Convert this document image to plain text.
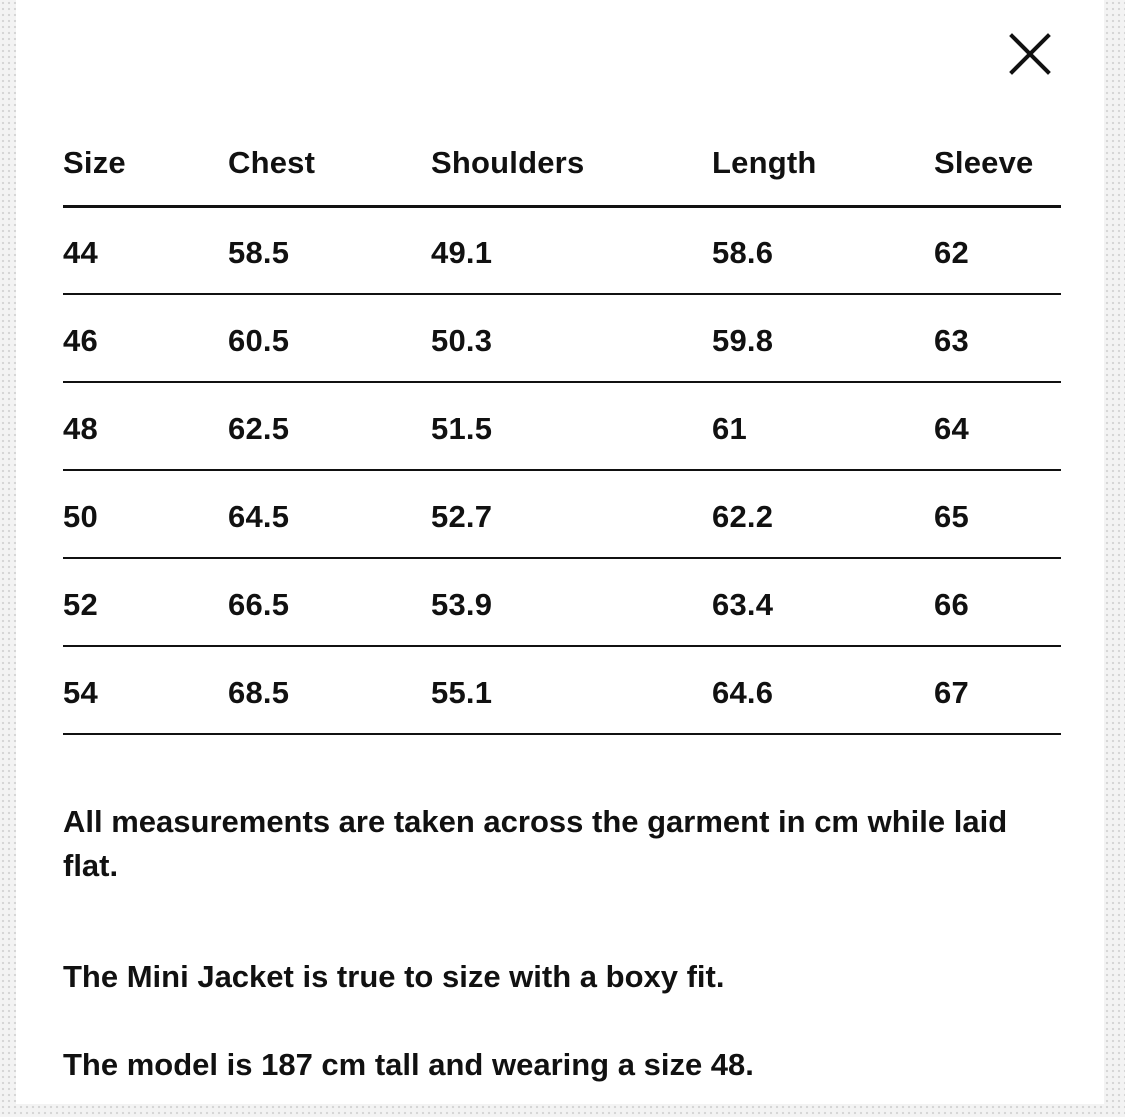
Size	Chest	Shoulders	Length	Sleeve
44	58.5	49.1	58.6	62
46	60.5	50.3	59.8	63
48	62.5	51.5	61	64
50	64.5	52.7	62.2	65
52	66.5	53.9	63.4	66
54	68.5	55.1	64.6	67

All measurements are taken across the garment in cm while laid flat.

The Mini Jacket is true to size with a boxy fit.

The model is 187 cm tall and wearing a size 48.
